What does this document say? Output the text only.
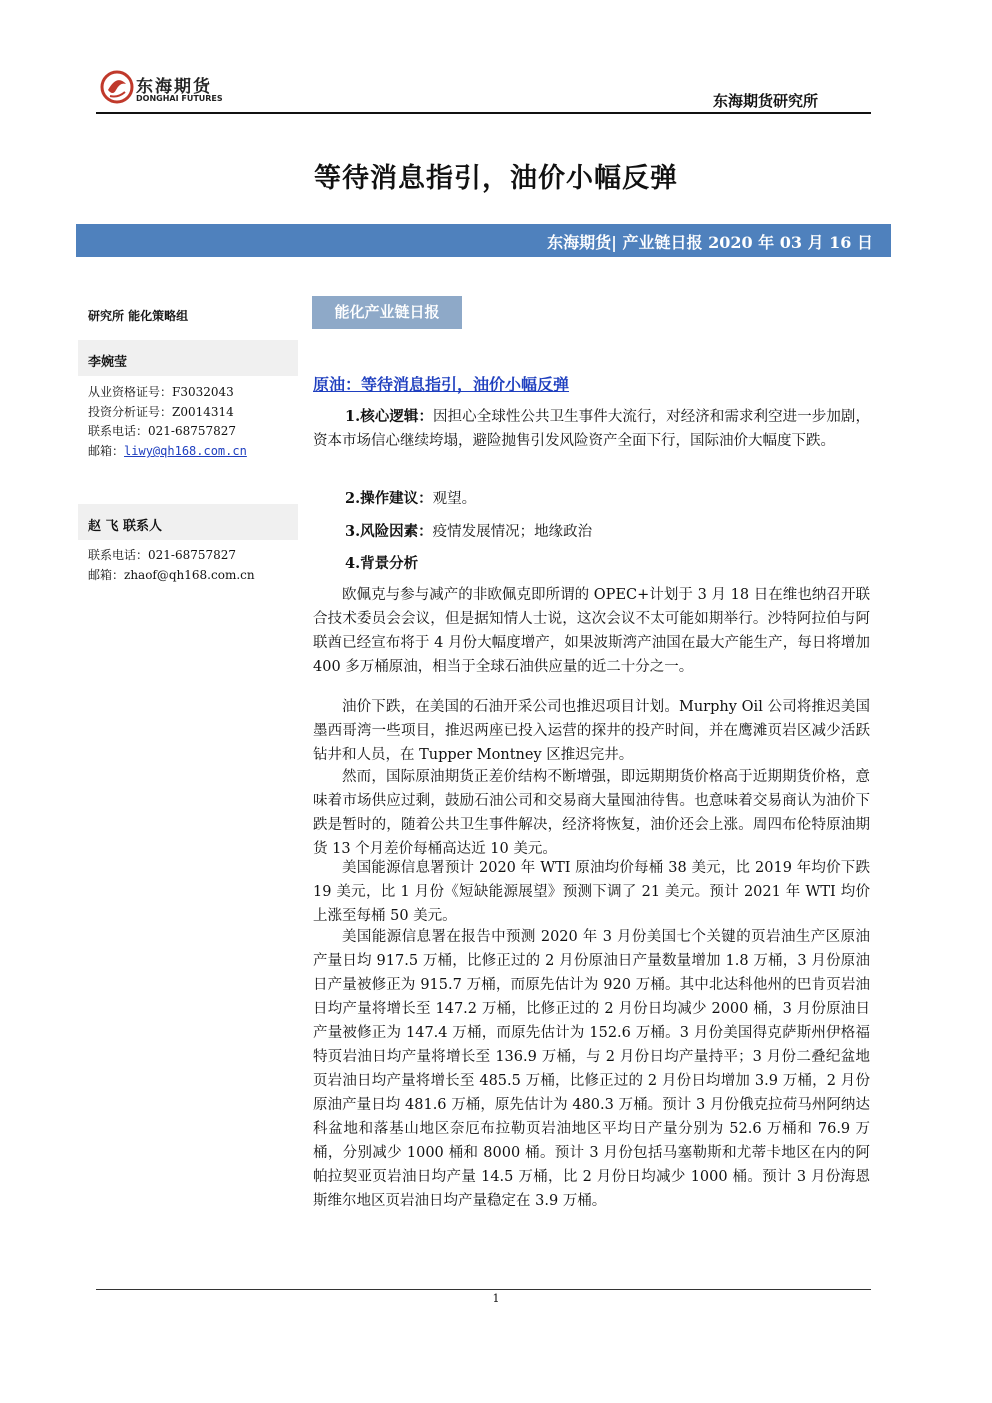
东海期货
DONGHAI FUTURES	东海期货研究所
等待消息指引，油价小幅反弹
东海期货| 产业链日报 2020 年 03 月 16 日
研究所 能化策略组
李婉莹
从业资格证号：F3032043
投资分析证号：Z0014314
联系电话：021-68757827
邮箱：liwy@qh168.com.cn
赵 飞 联系人
联系电话：021-68757827
邮箱：zhaof@qh168.com.cn
能化产业链日报
原油：等待消息指引，油价小幅反弹
1.核心逻辑：因担心全球性公共卫生事件大流行，对经济和需求利空进一步加剧，资本市场信心继续垮塌，避险抛售引发风险资产全面下行，国际油价大幅度下跌。
2.操作建议：观望。
3.风险因素：疫情发展情况；地缘政治
4.背景分析
欧佩克与参与减产的非欧佩克即所谓的 OPEC+计划于 3 月 18 日在维也纳召开联合技术委员会会议，但是据知情人士说，这次会议不太可能如期举行。沙特阿拉伯与阿联酋已经宣布将于 4 月份大幅度增产，如果波斯湾产油国在最大产能生产，每日将增加 400 多万桶原油，相当于全球石油供应量的近二十分之一。
油价下跌，在美国的石油开采公司也推迟项目计划。Murphy Oil 公司将推迟美国墨西哥湾一些项目，推迟两座已投入运营的探井的投产时间，并在鹰滩页岩区减少活跃钻井和人员，在 Tupper Montney 区推迟完井。
然而，国际原油期货正差价结构不断增强，即远期期货价格高于近期期货价格，意味着市场供应过剩，鼓励石油公司和交易商大量囤油待售。也意味着交易商认为油价下跌是暂时的，随着公共卫生事件解决，经济将恢复，油价还会上涨。周四布伦特原油期货 13 个月差价每桶高达近 10 美元。
美国能源信息署预计 2020 年 WTI 原油均价每桶 38 美元，比 2019 年均价下跌 19 美元，比 1 月份《短缺能源展望》预测下调了 21 美元。预计 2021 年 WTI 均价上涨至每桶 50 美元。
美国能源信息署在报告中预测 2020 年 3 月份美国七个关键的页岩油生产区原油产量日均 917.5 万桶，比修正过的 2 月份原油日产量数量增加 1.8 万桶，3 月份原油日产量被修正为 915.7 万桶，而原先估计为 920 万桶。其中北达科他州的巴肯页岩油日均产量将增长至 147.2 万桶，比修正过的 2 月份日均减少 2000 桶，3 月份原油日产量被修正为 147.4 万桶，而原先估计为 152.6 万桶。3 月份美国得克萨斯州伊格福特页岩油日均产量将增长至 136.9 万桶，与 2 月份日均产量持平；3 月份二叠纪盆地页岩油日均产量将增长至 485.5 万桶，比修正过的 2 月份日均增加 3.9 万桶，2 月份原油产量日均 481.6 万桶，原先估计为 480.3 万桶。预计 3 月份俄克拉荷马州阿纳达科盆地和落基山地区奈厄布拉勒页岩油地区平均日产量分别为 52.6 万桶和 76.9 万桶，分别减少 1000 桶和 8000 桶。预计 3 月份包括马塞勒斯和尤蒂卡地区在内的阿帕拉契亚页岩油日均产量 14.5 万桶，比 2 月份日均减少 1000 桶。预计 3 月份海恩斯维尔地区页岩油日均产量稳定在 3.9 万桶。
1
